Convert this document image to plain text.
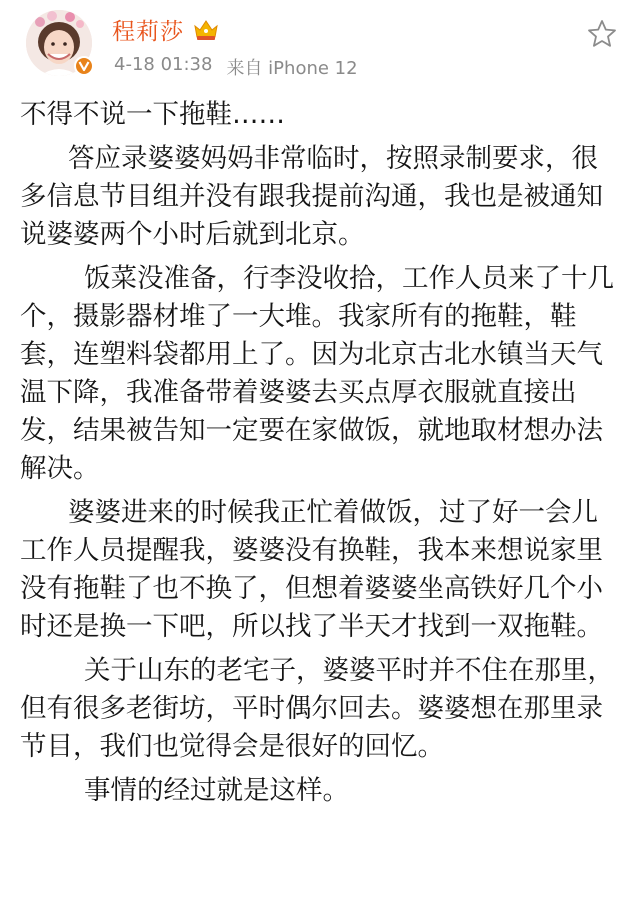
程莉莎
4-18 01:38 来自 iPhone 12

不得不说一下拖鞋……

答应录婆婆妈妈非常临时，按照录制要求，很多信息节目组并没有跟我提前沟通，我也是被通知说婆婆两个小时后就到北京。

饭菜没准备，行李没收拾，工作人员来了十几个，摄影器材堆了一大堆。我家所有的拖鞋，鞋套，连塑料袋都用上了。因为北京古北水镇当天气温下降，我准备带着婆婆去买点厚衣服就直接出发，结果被告知一定要在家做饭，就地取材想办法解决。

婆婆进来的时候我正忙着做饭，过了好一会儿工作人员提醒我，婆婆没有换鞋，我本来想说家里没有拖鞋了也不换了，但想着婆婆坐高铁好几个小时还是换一下吧，所以找了半天才找到一双拖鞋。

关于山东的老宅子，婆婆平时并不住在那里，但有很多老街坊，平时偶尔回去。婆婆想在那里录节目，我们也觉得会是很好的回忆。

事情的经过就是这样。
